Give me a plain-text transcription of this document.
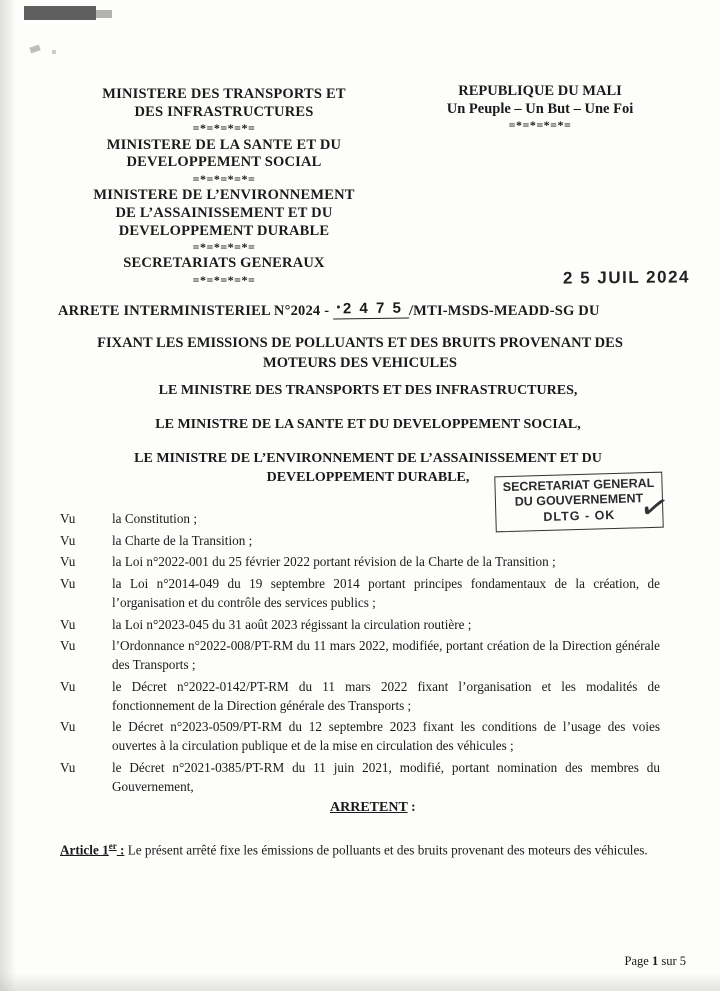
MINISTERE DES TRANSPORTS ET
DES INFRASTRUCTURES
=*=*=*=*=
MINISTERE DE LA SANTE ET DU
DEVELOPPEMENT SOCIAL
=*=*=*=*=
MINISTERE DE L’ENVIRONNEMENT
DE L’ASSAINISSEMENT ET DU
DEVELOPPEMENT DURABLE
=*=*=*=*=
SECRETARIATS GENERAUX
=*=*=*=*=
REPUBLIQUE DU MALI
Un Peuple – Un But – Une Foi
=*=*=*=*=
2 5 JUIL 2024
ARRETE INTERMINISTERIEL N°2024 - 2 4 7 5 /MTI-MSDS-MEADD-SG DU
FIXANT LES EMISSIONS DE POLLUANTS ET DES BRUITS PROVENANT DES
MOTEURS DES VEHICULES
LE MINISTRE DES TRANSPORTS ET DES INFRASTRUCTURES,
LE MINISTRE DE LA SANTE ET DU DEVELOPPEMENT SOCIAL,
LE MINISTRE DE L’ENVIRONNEMENT DE L’ASSAINISSEMENT ET DU
DEVELOPPEMENT DURABLE,	SECRETARIAT GENERAL
DU GOUVERNEMENT
DLTG - OK ✓
Vu	la Constitution ;
Vu	la Charte de la Transition ;
Vu	la Loi n°2022-001 du 25 février 2022 portant révision de la Charte de la Transition ;
Vu	la Loi n°2014-049 du 19 septembre 2014 portant principes fondamentaux de la création, de l’organisation et du contrôle des services publics ;
Vu	la Loi n°2023-045 du 31 août 2023 régissant la circulation routière ;
Vu	l’Ordonnance n°2022-008/PT-RM du 11 mars 2022, modifiée, portant création de la Direction générale des Transports ;
Vu	le Décret n°2022-0142/PT-RM du 11 mars 2022 fixant l’organisation et les modalités de fonctionnement de la Direction générale des Transports ;
Vu	le Décret n°2023-0509/PT-RM du 12 septembre 2023 fixant les conditions de l’usage des voies ouvertes à la circulation publique et de la mise en circulation des véhicules ;
Vu	le Décret n°2021-0385/PT-RM du 11 juin 2021, modifié, portant nomination des membres du Gouvernement,
ARRETENT :
Article 1er : Le présent arrêté fixe les émissions de polluants et des bruits provenant des moteurs des véhicules.
Page 1 sur 5
